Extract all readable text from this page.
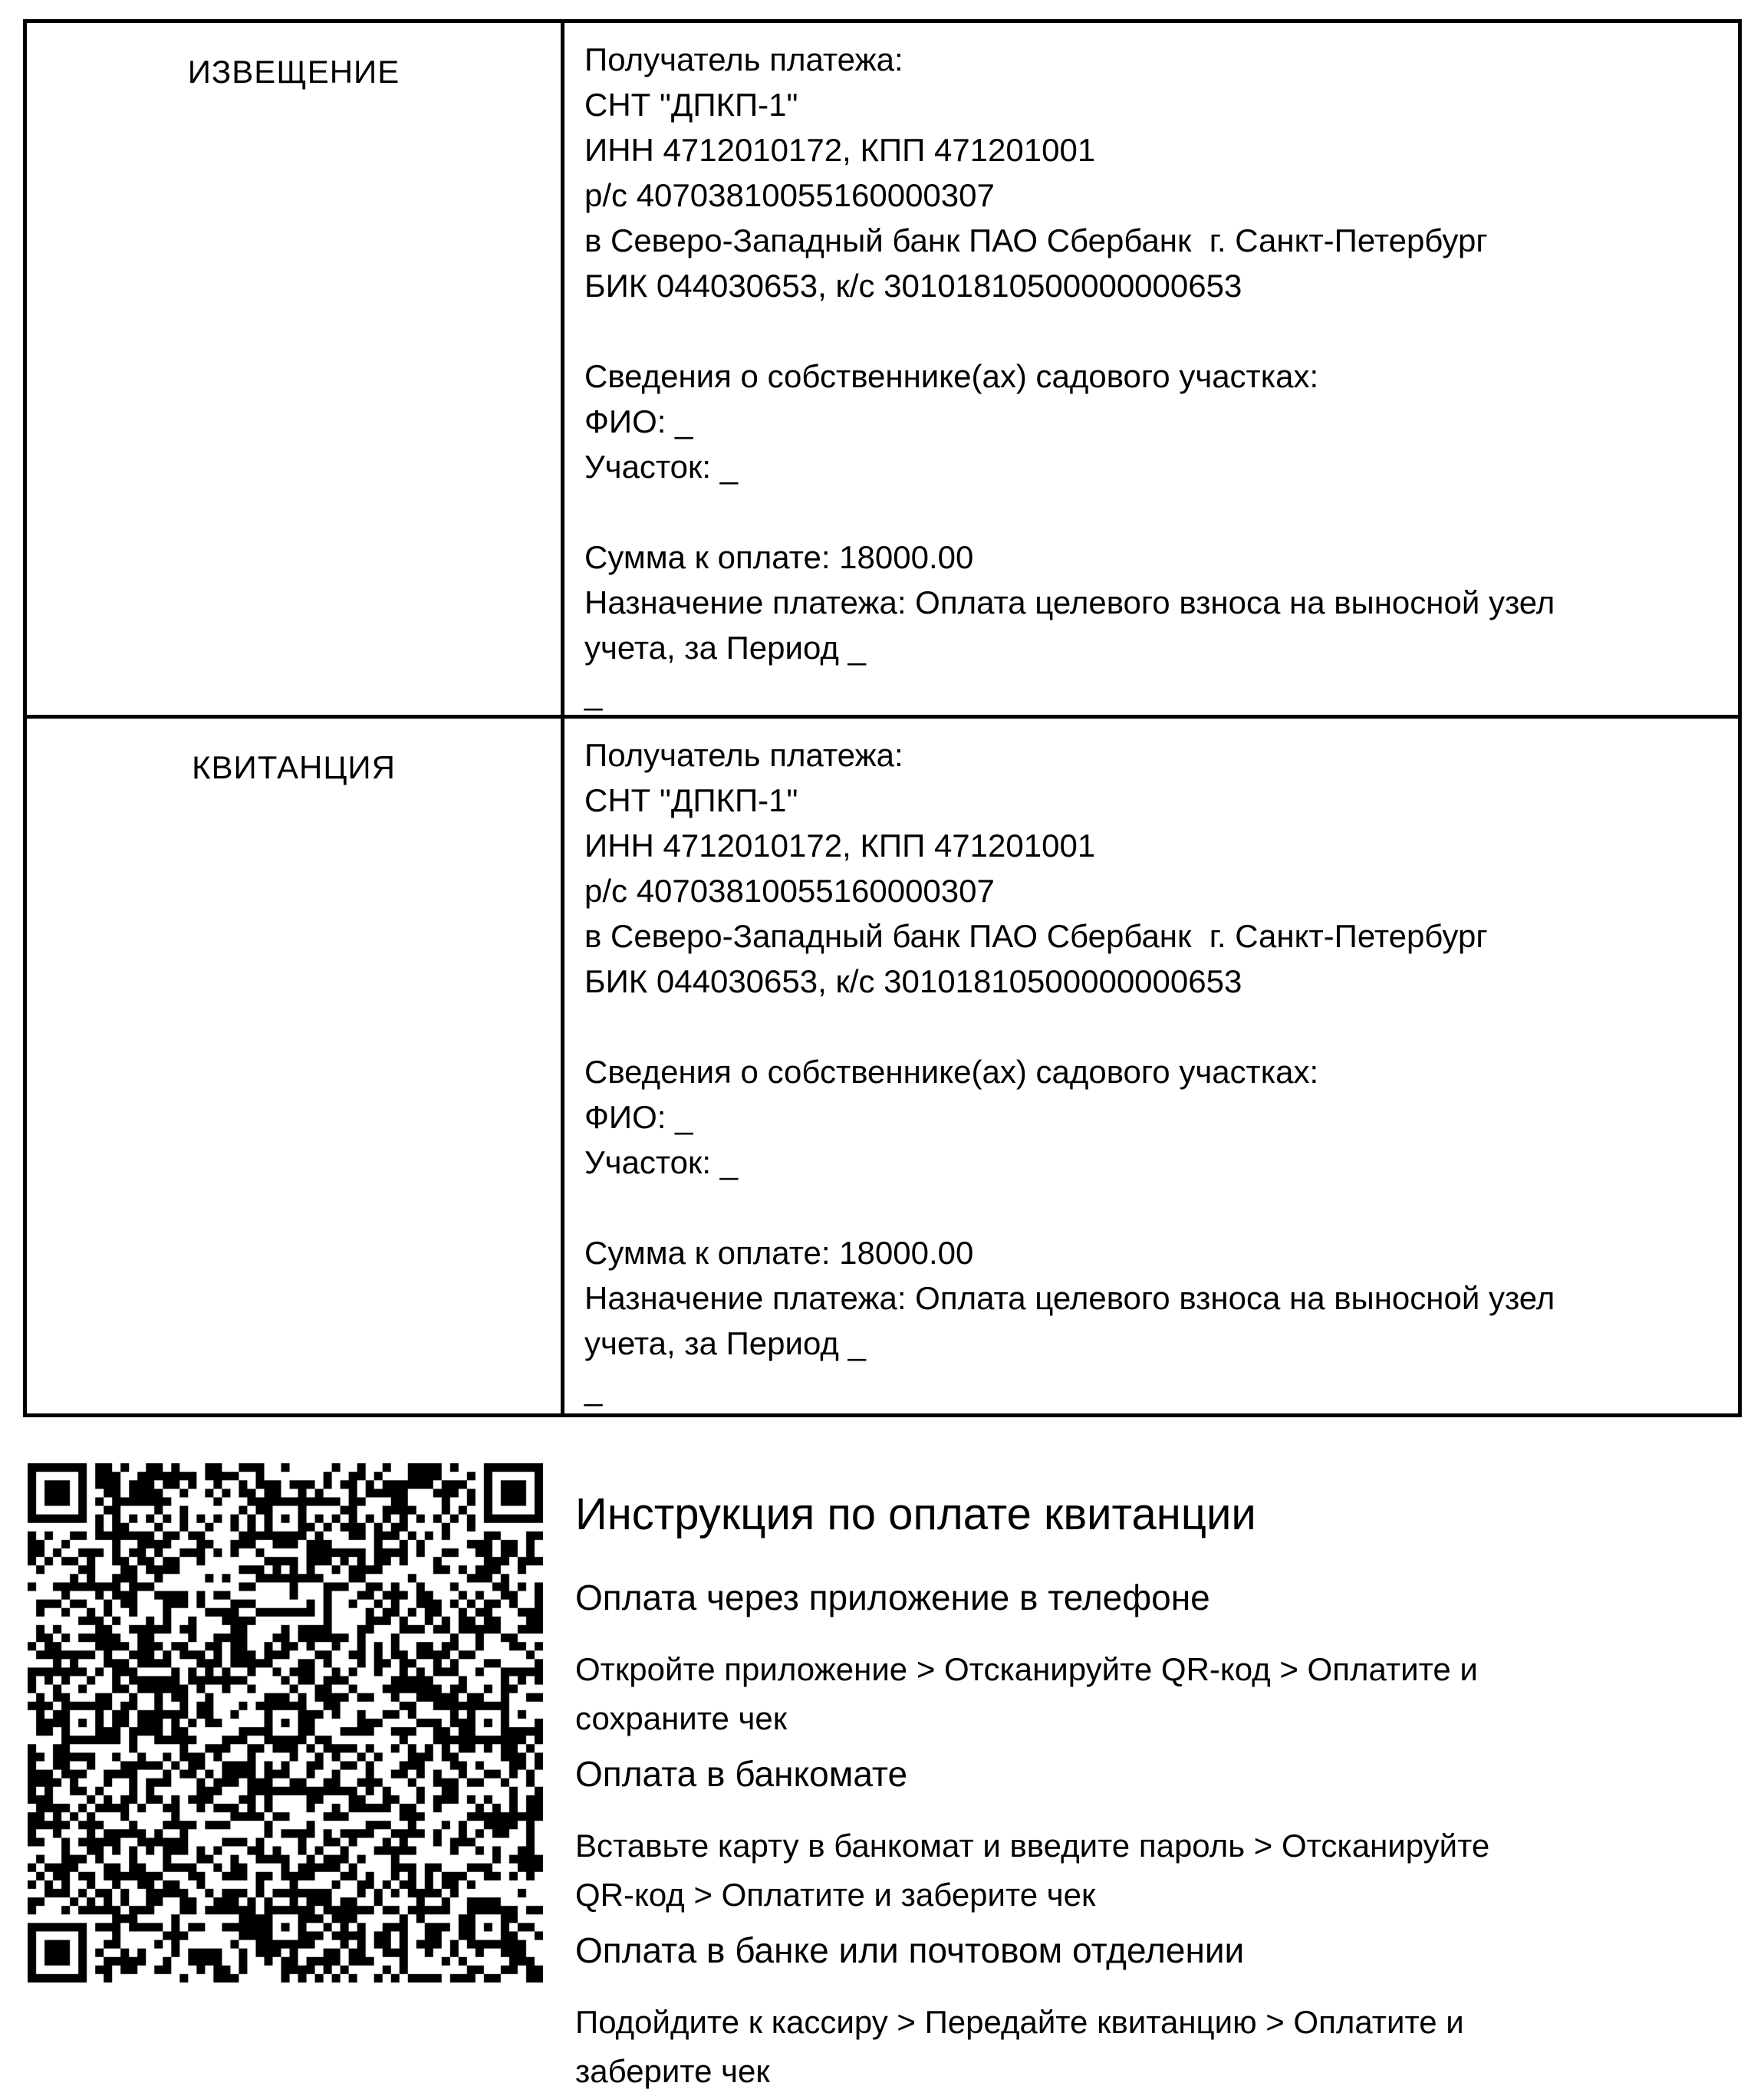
ИЗВЕЩЕНИЕ	Получатель платежа:
СНТ "ДПКП-1"
ИНН 4712010172, КПП 471201001
р/с 40703810055160000307
в Северо-Западный банк ПАО Сбербанк  г. Санкт-Петербург
БИК 044030653, к/с 30101810500000000653

Сведения о собственнике(ах) садового участках:
ФИО: _
Участок: _

Сумма к оплате: 18000.00
Назначение платежа: Оплата целевого взноса на выносной узел
учета, за Период _
_
КВИТАНЦИЯ	Получатель платежа:
СНТ "ДПКП-1"
ИНН 4712010172, КПП 471201001
р/с 40703810055160000307
в Северо-Западный банк ПАО Сбербанк  г. Санкт-Петербург
БИК 044030653, к/с 30101810500000000653

Сведения о собственнике(ах) садового участках:
ФИО: _
Участок: _

Сумма к оплате: 18000.00
Назначение платежа: Оплата целевого взноса на выносной узел
учета, за Период _
_
Инструкция по оплате квитанции
Оплата через приложение в телефоне
Откройте приложение > Отсканируйте QR-код > Оплатите и
сохраните чек
Оплата в банкомате
Вставьте карту в банкомат и введите пароль > Отсканируйте
QR-код > Оплатите и заберите чек
Оплата в банке или почтовом отделении
Подойдите к кассиру > Передайте квитанцию > Оплатите и
заберите чек
